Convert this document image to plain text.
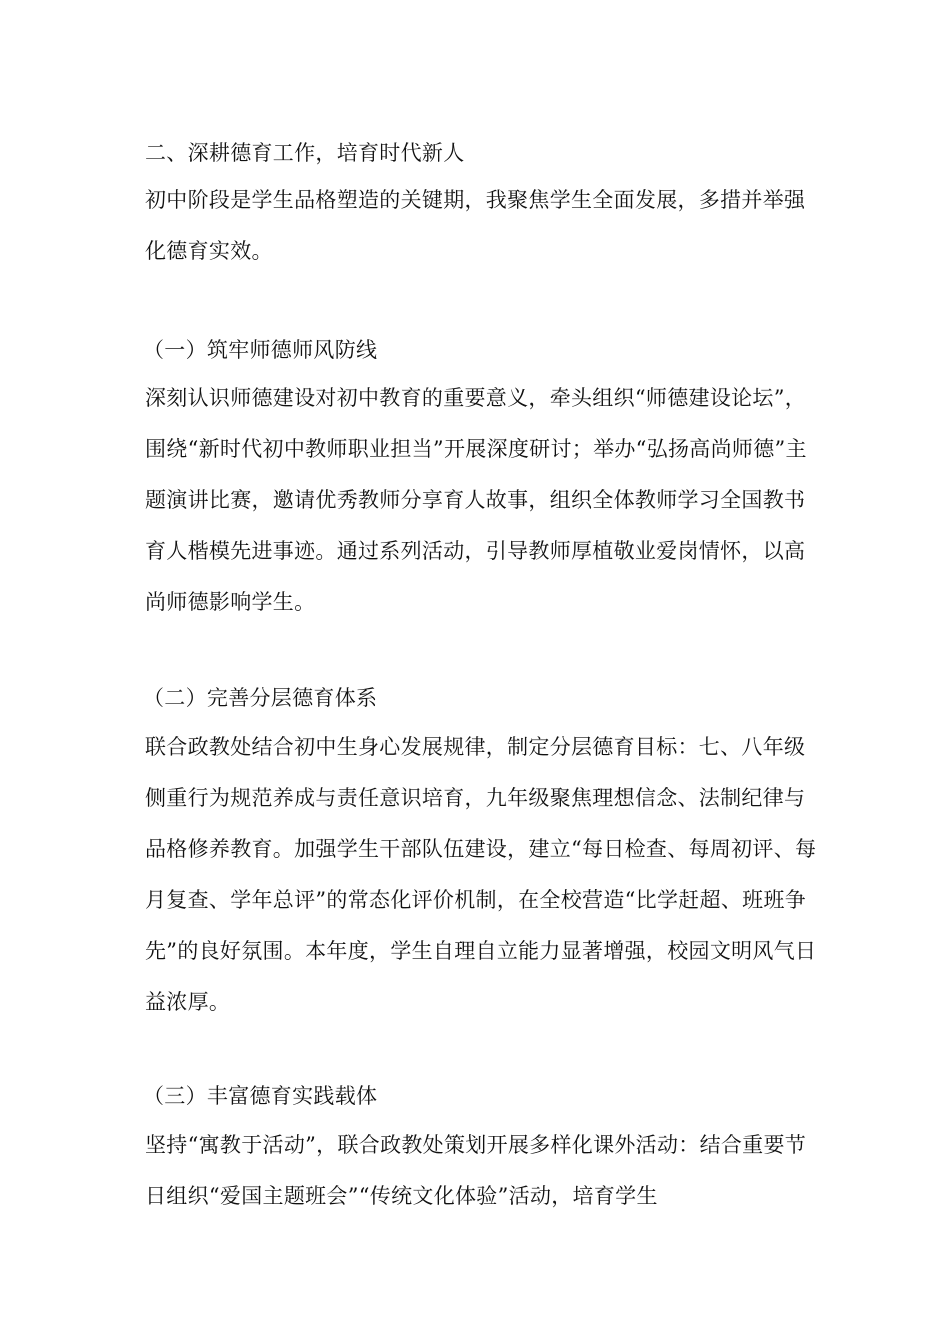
二、深耕德育工作，培育时代新人

初中阶段是学生品格塑造的关键期，我聚焦学生全面发展，多措并举强化德育实效。

（一）筑牢师德师风防线

深刻认识师德建设对初中教育的重要意义，牵头组织“师德建设论坛”，围绕“新时代初中教师职业担当”开展深度研讨；举办“弘扬高尚师德”主题演讲比赛，邀请优秀教师分享育人故事，组织全体教师学习全国教书育人楷模先进事迹。通过系列活动，引导教师厚植敬业爱岗情怀，以高尚师德影响学生。

（二）完善分层德育体系

联合政教处结合初中生身心发展规律，制定分层德育目标：七、八年级侧重行为规范养成与责任意识培育，九年级聚焦理想信念、法制纪律与品格修养教育。加强学生干部队伍建设，建立“每日检查、每周初评、每月复查、学年总评”的常态化评价机制，在全校营造“比学赶超、班班争先”的良好氛围。本年度，学生自理自立能力显著增强，校园文明风气日益浓厚。

（三）丰富德育实践载体

坚持“寓教于活动”，联合政教处策划开展多样化课外活动：结合重要节日组织“爱国主题班会”“传统文化体验”活动，培育学生
